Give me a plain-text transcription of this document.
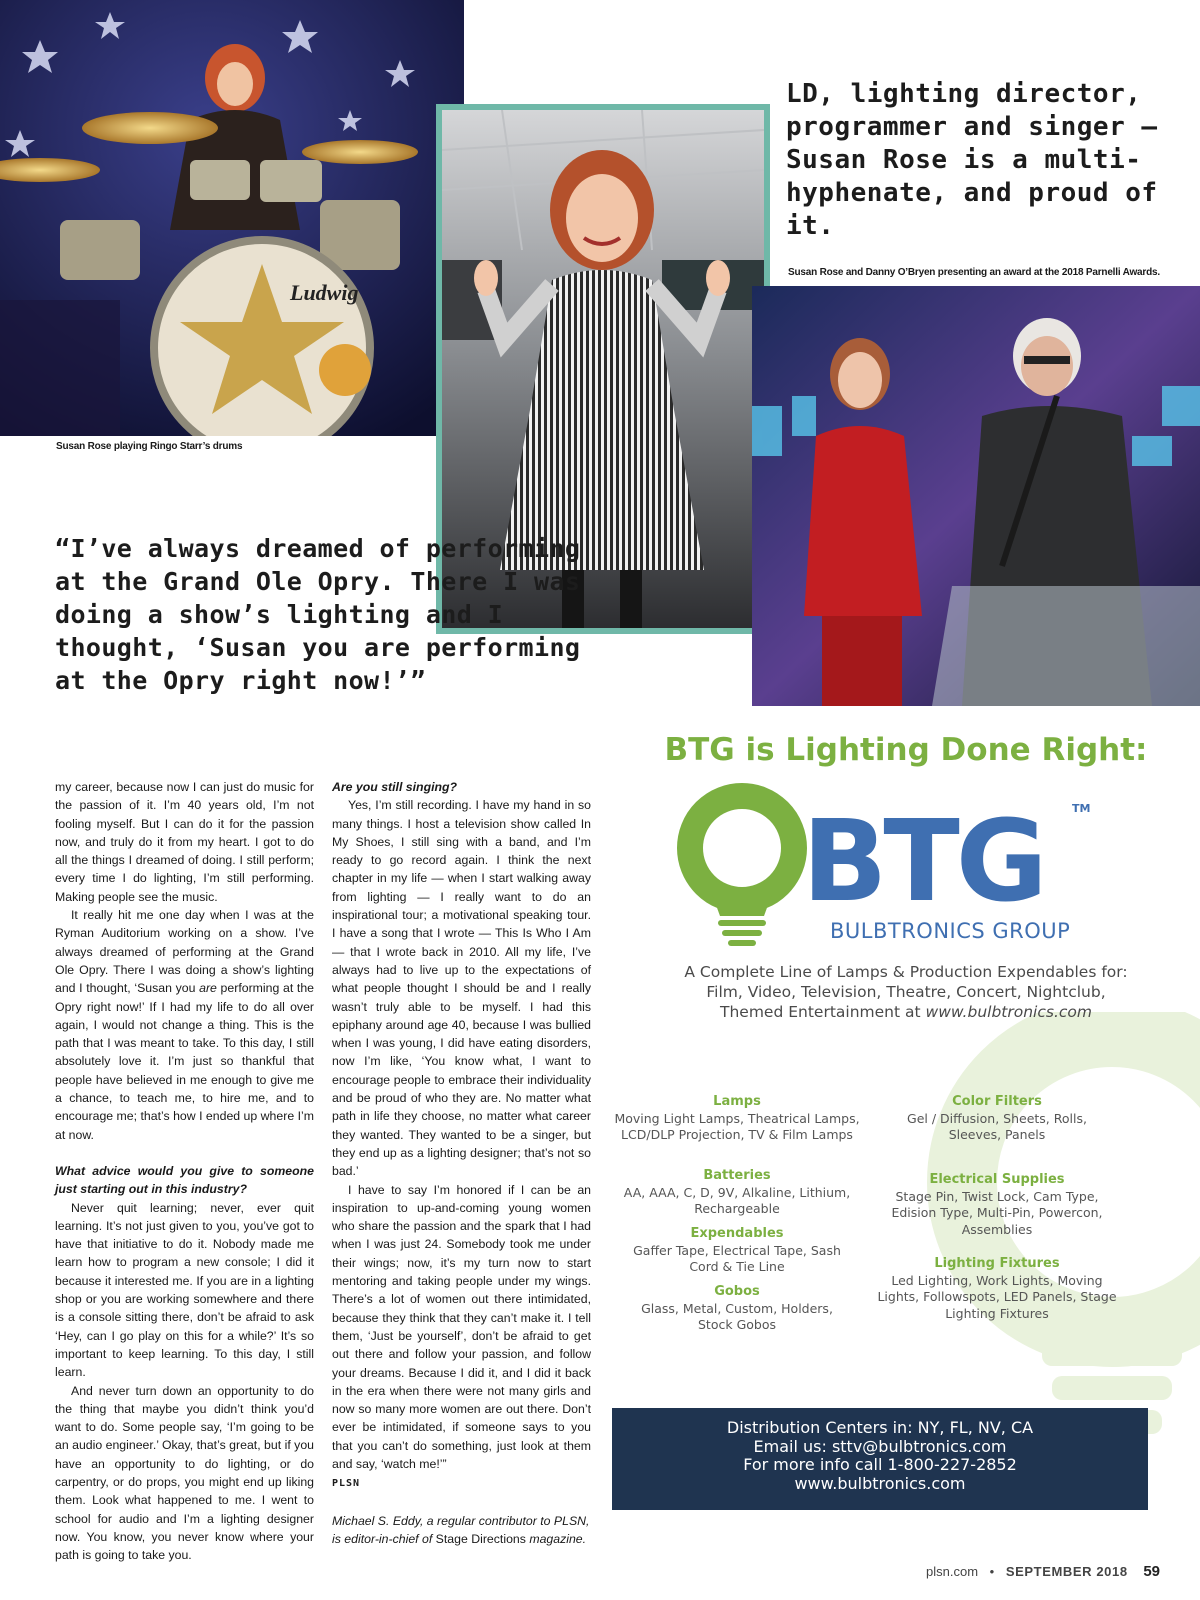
Ludwig
Susan Rose playing Ringo Starr’s drums
LD, lighting director, programmer and singer — Susan Rose is a multi-hyphenate, and proud of it.
Susan Rose and Danny O’Bryen presenting an award at the 2018 Parnelli Awards.
“I’ve always dreamed of performing at the Grand Ole Opry. There I was doing a show’s lighting and I thought, ‘Susan you are performing at the Opry right now!’”

my career, because now I can just do music for the passion of it. I’m 40 years old, I’m not fooling myself. But I can do it for the passion now, and truly do it from my heart. I got to do all the things I dreamed of doing. I still perform; every time I do lighting, I’m still performing. Making people see the music.

It really hit me one day when I was at the Ryman Auditorium working on a show. I’ve always dreamed of performing at the Grand Ole Opry. There I was doing a show’s lighting and I thought, ‘Susan you are performing at the Opry right now!’ If I had my life to do all over again, I would not change a thing. This is the path that I was meant to take. To this day, I still absolutely love it. I’m just so thankful that people have believed in me enough to give me a chance, to teach me, to hire me, and to encourage me; that’s how I ended up where I’m at now.

What advice would you give to someone just starting out in this industry?

Never quit learning; never, ever quit learning. It’s not just given to you, you’ve got to have that initiative to do it. Nobody made me learn how to program a new console; I did it because it interested me. If you are in a lighting shop or you are working somewhere and there is a console sitting there, don’t be afraid to ask ‘Hey, can I go play on this for a while?’ It’s so important to keep learning. To this day, I still learn.

And never turn down an opportunity to do the thing that maybe you didn’t think you’d want to do. Some people say, ‘I’m going to be an audio engineer.’ Okay, that’s great, but if you have an opportunity to do lighting, or do carpentry, or do props, you might end up liking them. Look what happened to me. I went to school for audio and I’m a lighting designer now. You know, you never know where your path is going to take you.

Are you still singing?

Yes, I’m still recording. I have my hand in so many things. I host a television show called In My Shoes, I still sing with a band, and I’m ready to go record again. I think the next chapter in my life — when I start walking away from lighting — I really want to do an inspirational tour; a motivational speaking tour. I have a song that I wrote — This Is Who I Am — that I wrote back in 2010. All my life, I’ve always had to live up to the expectations of what people thought I should be and I really wasn’t truly able to be myself. I had this epiphany around age 40, because I was bullied when I was young, I did have eating disorders, now I’m like, ‘You know what, I want to encourage people to embrace their individuality and be proud of who they are. No matter what path in life they choose, no matter what career they wanted. They wanted to be a singer, but they end up as a lighting designer; that’s not so bad.’

I have to say I’m honored if I can be an inspiration to up-and-coming young women who share the passion and the spark that I had when I was just 24. Somebody took me under their wings; now, it’s my turn now to start mentoring and taking people under my wings. There’s a lot of women out there intimidated, because they think that they can’t make it. I tell them, ‘Just be yourself’, don’t be afraid to get out there and follow your passion, and follow your dreams. Because I did it, and I did it back in the era when there were not many girls and now so many more women are out there. Don’t ever be intimidated, if someone says to you that you can’t do something, just look at them and say, ‘watch me!’”

PLSN

Michael S. Eddy, a regular contributor to PLSN, is editor-in-chief of Stage Directions magazine.

BTG is Lighting Done Right:
BTG	TM
BULBTRONICS GROUP
A Complete Line of Lamps & Production Expendables for:
Film, Video, Television, Theatre, Concert, Nightclub,
Themed Entertainment at www.bulbtronics.com
Lamps
Moving Light Lamps, Theatrical Lamps, LCD/DLP Projection, TV & Film Lamps
Batteries
AA, AAA, C, D, 9V, Alkaline, Lithium, Rechargeable
Expendables
Gaffer Tape, Electrical Tape, Sash Cord & Tie Line
Gobos
Glass, Metal, Custom, Holders, Stock Gobos
Color Filters
Gel / Diffusion, Sheets, Rolls, Sleeves, Panels
Electrical Supplies
Stage Pin, Twist Lock, Cam Type, Edision Type, Multi-Pin, Powercon, Assemblies
Lighting Fixtures
Led Lighting, Work Lights, Moving Lights, Followspots, LED Panels, Stage Lighting Fixtures
Distribution Centers in: NY, FL, NV, CA
Email us: sttv@bulbtronics.com
For more info call 1-800-227-2852
www.bulbtronics.com
plsn.com • SEPTEMBER 2018 59
